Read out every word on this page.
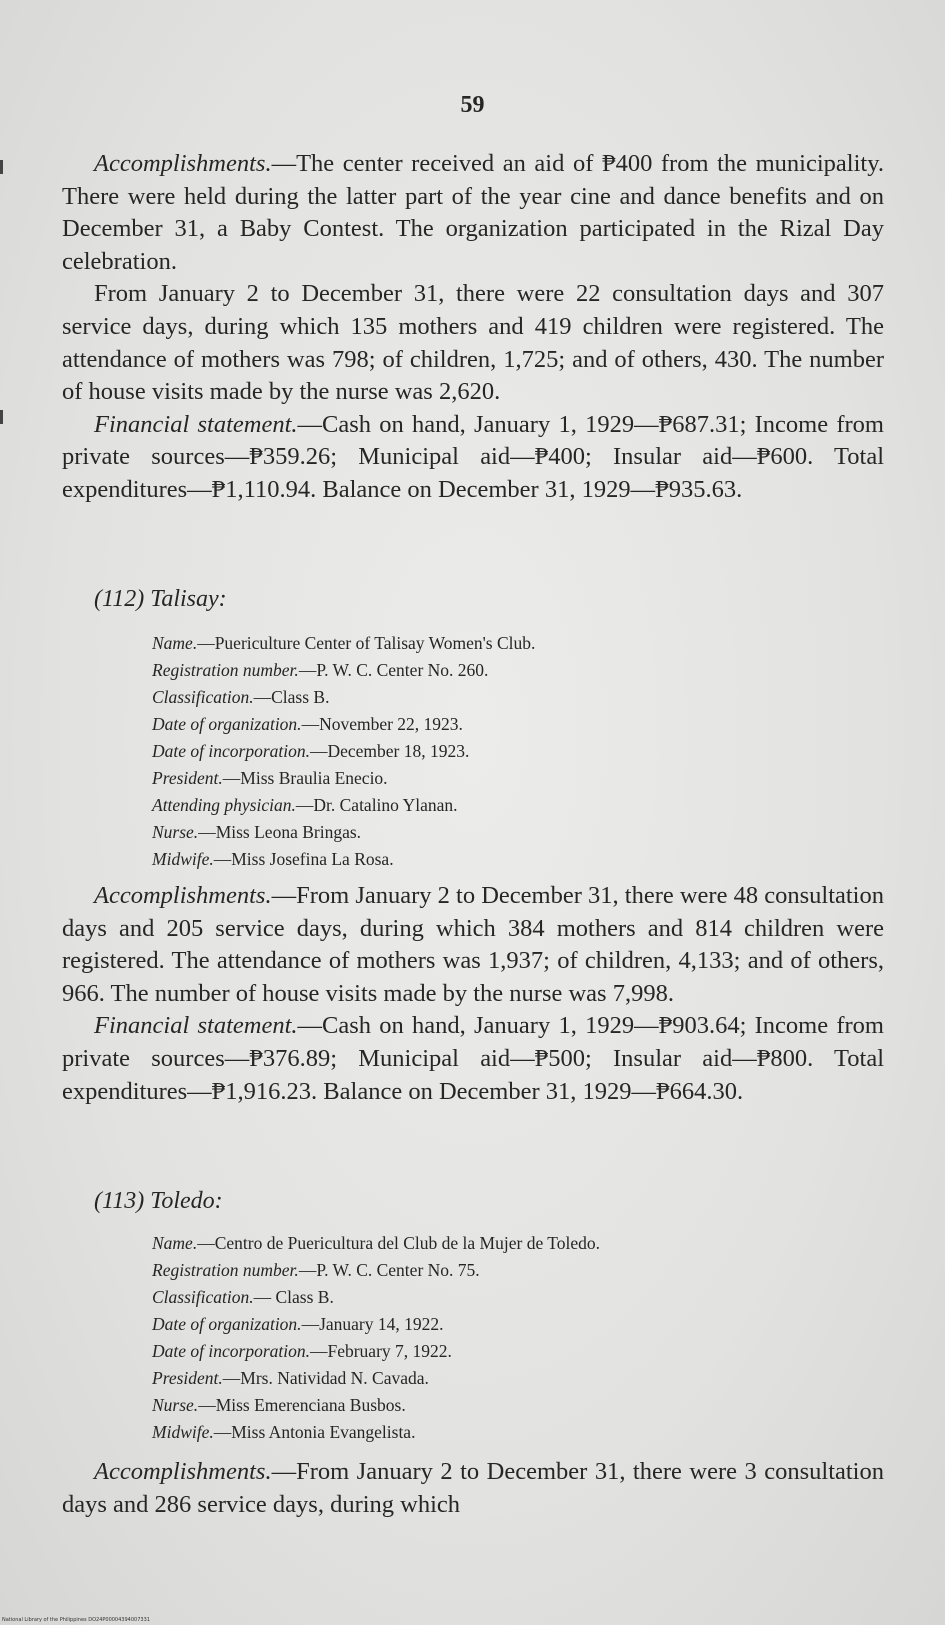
59

Accomplishments.—The center received an aid of ₱400 from the municipality. There were held during the latter part of the year cine and dance benefits and on December 31, a Baby Contest. The organization participated in the Rizal Day celebration.

From January 2 to December 31, there were 22 consultation days and 307 service days, during which 135 mothers and 419 children were registered. The attendance of mothers was 798; of children, 1,725; and of others, 430. The number of house visits made by the nurse was 2,620.

Financial statement.—Cash on hand, January 1, 1929—₱687.31; Income from private sources—₱359.26; Municipal aid—₱400; Insular aid—₱600. Total expenditures—₱1,110.94. Balance on December 31, 1929—₱935.63.

(112) Talisay:
Name.—Puericulture Center of Talisay Women's Club.
Registration number.—P. W. C. Center No. 260.
Classification.—Class B.
Date of organization.—November 22, 1923.
Date of incorporation.—December 18, 1923.
President.—Miss Braulia Enecio.
Attending physician.—Dr. Catalino Ylanan.
Nurse.—Miss Leona Bringas.
Midwife.—Miss Josefina La Rosa.

Accomplishments.—From January 2 to December 31, there were 48 consultation days and 205 service days, during which 384 mothers and 814 children were registered. The attendance of mothers was 1,937; of children, 4,133; and of others, 966. The number of house visits made by the nurse was 7,998.

Financial statement.—Cash on hand, January 1, 1929—₱903.64; Income from private sources—₱376.89; Municipal aid—₱500; Insular aid—₱800. Total expenditures—₱1,916.23. Balance on December 31, 1929—₱664.30.

(113) Toledo:
Name.—Centro de Puericultura del Club de la Mujer de Toledo.
Registration number.—P. W. C. Center No. 75.
Classification.— Class B.
Date of organization.—January 14, 1922.
Date of incorporation.—February 7, 1922.
President.—Mrs. Natividad N. Cavada.
Nurse.—Miss Emerenciana Busbos.
Midwife.—Miss Antonia Evangelista.

Accomplishments.—From January 2 to December 31, there were 3 consultation days and 286 service days, during which

National Library of the Philippines DO24P00004394007331
